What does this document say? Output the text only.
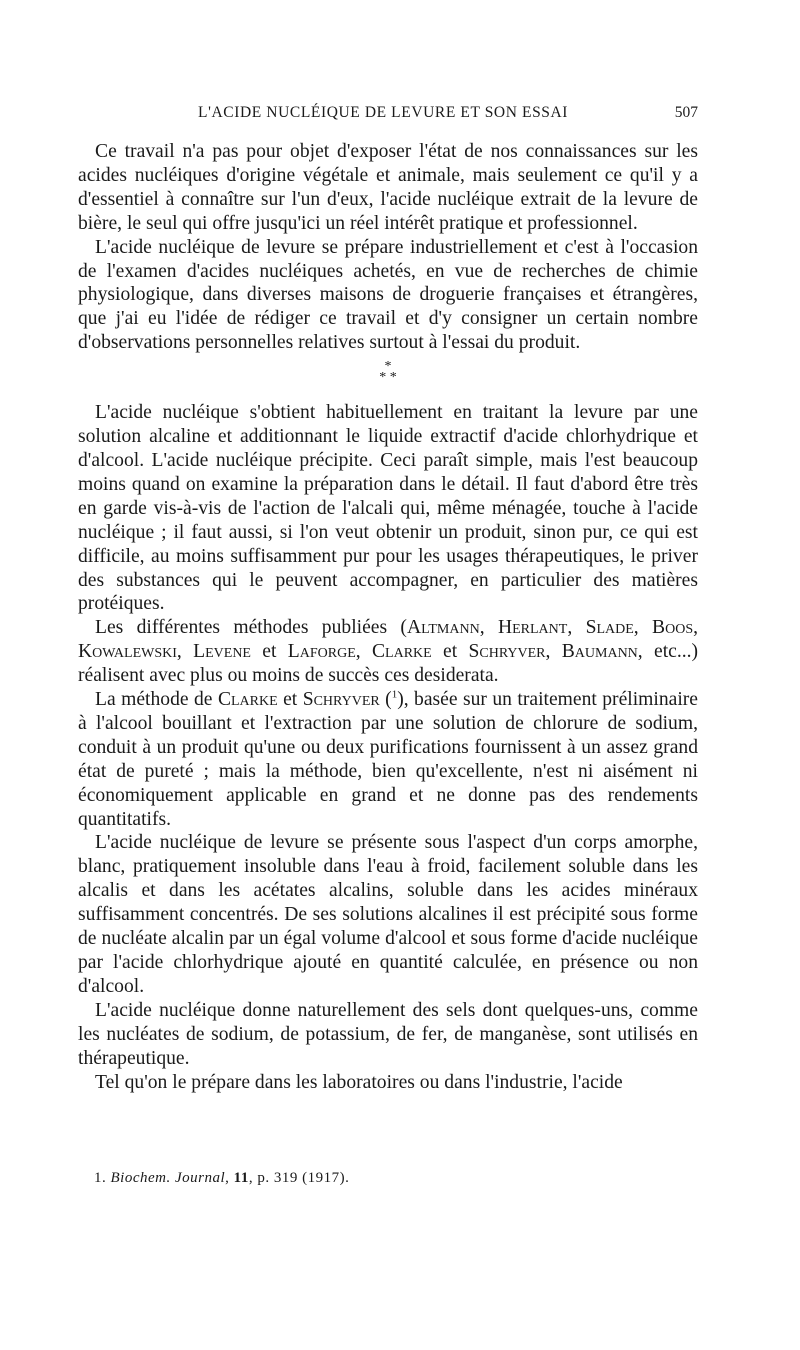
L'ACIDE NUCLÉIQUE DE LEVURE ET SON ESSAI	507

Ce travail n'a pas pour objet d'exposer l'état de nos connaissances sur les acides nucléiques d'origine végétale et animale, mais seulement ce qu'il y a d'essentiel à connaître sur l'un d'eux, l'acide nucléique extrait de la levure de bière, le seul qui offre jusqu'ici un réel intérêt pratique et professionnel.

L'acide nucléique de levure se prépare industriellement et c'est à l'occasion de l'examen d'acides nucléiques achetés, en vue de recherches de chimie physiologique, dans diverses maisons de droguerie françaises et étrangères, que j'ai eu l'idée de rédiger ce travail et d'y consigner un certain nombre d'observations personnelles relatives surtout à l'essai du produit.

*
* *

L'acide nucléique s'obtient habituellement en traitant la levure par une solution alcaline et additionnant le liquide extractif d'acide chlorhydrique et d'alcool. L'acide nucléique précipite. Ceci paraît simple, mais l'est beaucoup moins quand on examine la préparation dans le détail. Il faut d'abord être très en garde vis-à-vis de l'action de l'alcali qui, même ménagée, touche à l'acide nucléique ; il faut aussi, si l'on veut obtenir un produit, sinon pur, ce qui est difficile, au moins suffisamment pur pour les usages thérapeutiques, le priver des substances qui le peuvent accompagner, en particulier des matières protéiques.

Les différentes méthodes publiées (Altmann, Herlant, Slade, Boos, Kowalewski, Levene et Laforge, Clarke et Schryver, Baumann, etc...) réalisent avec plus ou moins de succès ces desiderata.

La méthode de Clarke et Schryver ($^1$), basée sur un traitement préliminaire à l'alcool bouillant et l'extraction par une solution de chlorure de sodium, conduit à un produit qu'une ou deux purifications fournissent à un assez grand état de pureté ; mais la méthode, bien qu'excellente, n'est ni aisément ni économiquement applicable en grand et ne donne pas des rendements quantitatifs.

L'acide nucléique de levure se présente sous l'aspect d'un corps amorphe, blanc, pratiquement insoluble dans l'eau à froid, facilement soluble dans les alcalis et dans les acétates alcalins, soluble dans les acides minéraux suffisamment concentrés. De ses solutions alcalines il est précipité sous forme de nucléate alcalin par un égal volume d'alcool et sous forme d'acide nucléique par l'acide chlorhydrique ajouté en quantité calculée, en présence ou non d'alcool.

L'acide nucléique donne naturellement des sels dont quelques-uns, comme les nucléates de sodium, de potassium, de fer, de manganèse, sont utilisés en thérapeutique.

Tel qu'on le prépare dans les laboratoires ou dans l'industrie, l'acide

1. Biochem. Journal, 11, p. 319 (1917).
